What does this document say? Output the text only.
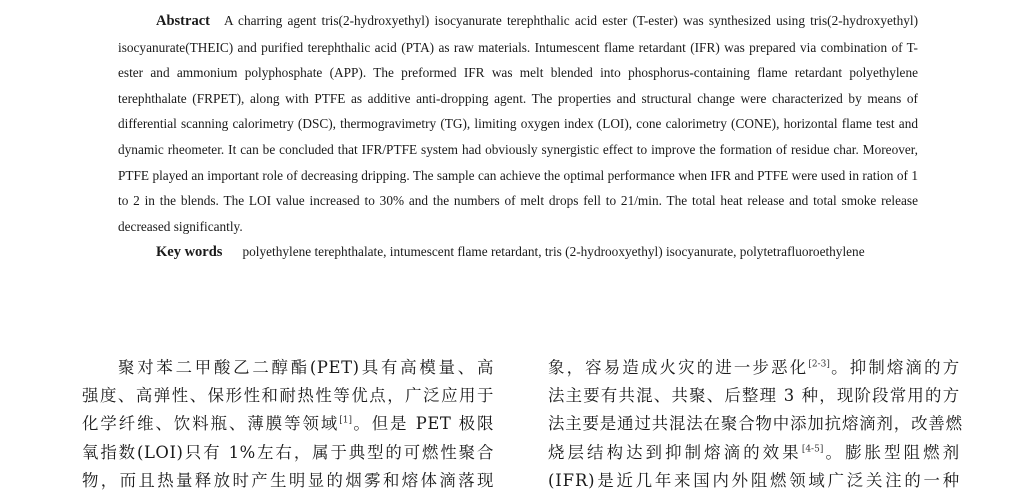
Abstract A charring agent tris(2-hydroxyethyl) isocyanurate terephthalic acid ester (T-ester) was synthesized using tris(2-hydroxyethyl) isocyanurate(THEIC) and purified terephthalic acid (PTA) as raw materials. Intumescent flame retardant (IFR) was prepared via combination of T-ester and ammonium polyphosphate (APP). The preformed IFR was melt blended into phosphorus-containing flame retardant polyethylene terephthalate (FRPET), along with PTFE as additive anti-dropping agent. The properties and structural change were characterized by means of differential scanning calorimetry (DSC), thermogravimetry (TG), limiting oxygen index (LOI), cone calorimetry (CONE), horizontal flame test and dynamic rheometer. It can be concluded that IFR/PTFE system had obviously synergistic effect to improve the formation of residue char. Moreover, PTFE played an important role of decreasing dripping. The sample can achieve the optimal performance when IFR and PTFE were used in ration of 1 to 2 in the blends. The LOI value increased to 30% and the numbers of melt drops fell to 21/min. The total heat release and total smoke release decreased significantly.

Key words polyethylene terephthalate, intumescent flame retardant, tris (2-hydrooxyethyl) isocyanurate, polytetrafluoroethylene

聚对苯二甲酸乙二醇酯(PET)具有高模量、高
强度、高弹性、保形性和耐热性等优点，广泛应用于
化学纤维、饮料瓶、薄膜等领域[1]。但是 PET 极限
氧指数(LOI)只有 1%左右，属于典型的可燃性聚合
物，而且热量释放时产生明显的烟雾和熔体滴落现
象，容易造成火灾的进一步恶化[2-3]。抑制熔滴的方
法主要有共混、共聚、后整理 3 种，现阶段常用的方
法主要是通过共混法在聚合物中添加抗熔滴剂，改善燃
烧层结构达到抑制熔滴的效果[4-5]。膨胀型阻燃剂
(IFR)是近几年来国内外阻燃领域广泛关注的一种
